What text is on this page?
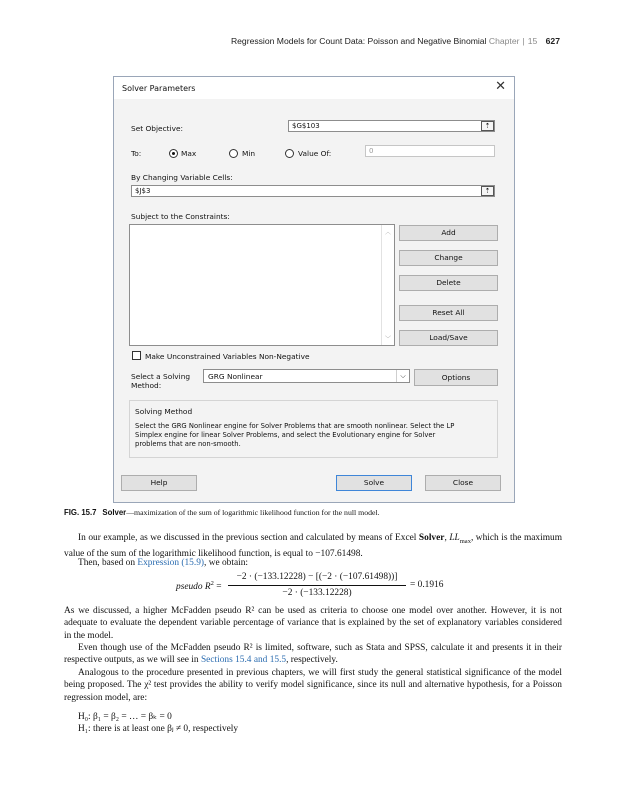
Regression Models for Count Data: Poisson and Negative Binomial Chapter | 15 627
Solver Parameters	✕
Set Objective:	$G$103	⇡
To:	Max	Min	Value Of:	0
By Changing Variable Cells:
$J$3	⇡
Subject to the Constraints:
︿
﹀
Add
Change
Delete
Reset All
Load/Save
Make Unconstrained Variables Non-Negative
Select a Solving
Method:
GRG Nonlinear	⌵	Options
Solving Method
Select the GRG Nonlinear engine for Solver Problems that are smooth nonlinear. Select the LP
Simplex engine for linear Solver Problems, and select the Evolutionary engine for Solver
problems that are non-smooth.
Help	Solve	Close
FIG. 15.7 Solver—maximization of the sum of logarithmic likelihood function for the null model.
In our example, as we discussed in the previous section and calculated by means of Excel Solver, $LL_{max}$, which is the maximum value of the sum of the logarithmic likelihood function, is equal to −107.61498.
Then, based on Expression (15.9), we obtain:
pseudo $R^2$ =
−2 · (−133.12228) − [(−2 · (−107.61498))]
−2 · (−133.12228)
= 0.1916
As we discussed, a higher McFadden pseudo R² can be used as criteria to choose one model over another. However, it is not adequate to evaluate the dependent variable percentage of variance that is explained by the set of explanatory variables considered in the model.
Even though use of the McFadden pseudo R² is limited, software, such as Stata and SPSS, calculate it and presents it in their respective outputs, as we will see in Sections 15.4 and 15.5, respectively.
Analogous to the procedure presented in previous chapters, we will first study the general statistical significance of the model being proposed. The χ² test provides the ability to verify model significance, since its null and alternative hypothesis, for a Poisson regression model, are:
H₀: β₁ = β₂ = … = βₖ = 0
H₁: there is at least one βⱼ ≠ 0, respectively
